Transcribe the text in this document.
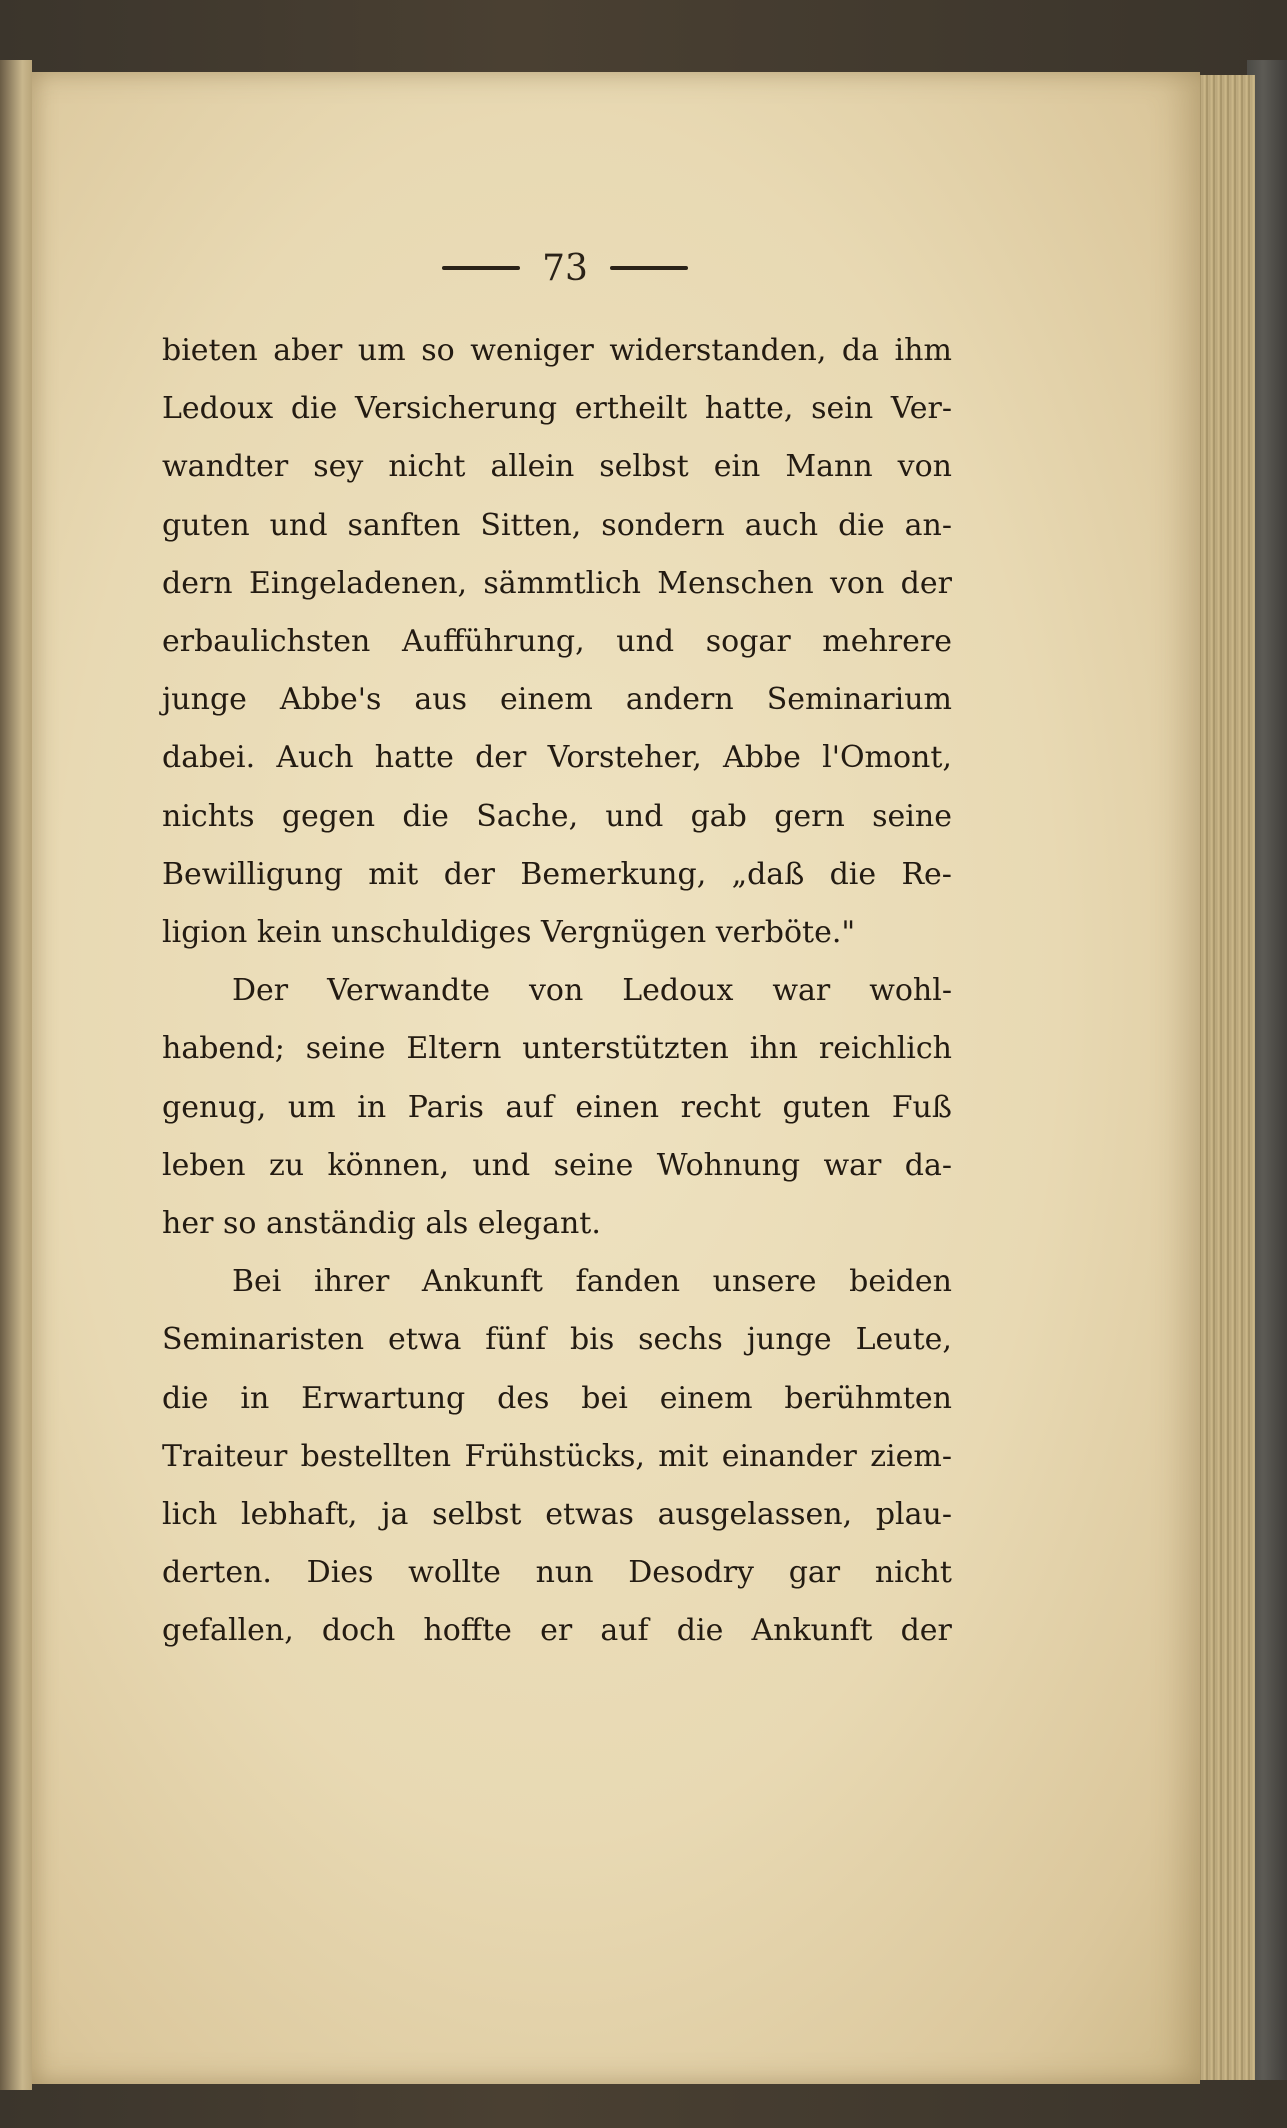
73
bieten aber um so weniger widerstanden, da ihm
Ledoux die Versicherung ertheilt hatte, sein Ver-
wandter sey nicht allein selbst ein Mann von
guten und sanften Sitten, sondern auch die an-
dern Eingeladenen, sämmtlich Menschen von der
erbaulichsten Aufführung, und sogar mehrere
junge Abbe's aus einem andern Seminarium
dabei. Auch hatte der Vorsteher, Abbe l'Omont,
nichts gegen die Sache, und gab gern seine
Bewilligung mit der Bemerkung, „daß die Re-
ligion kein unschuldiges Vergnügen verböte."
Der Verwandte von Ledoux war wohl-
habend; seine Eltern unterstützten ihn reichlich
genug, um in Paris auf einen recht guten Fuß
leben zu können, und seine Wohnung war da-
her so anständig als elegant.
Bei ihrer Ankunft fanden unsere beiden
Seminaristen etwa fünf bis sechs junge Leute,
die in Erwartung des bei einem berühmten
Traiteur bestellten Frühstücks, mit einander ziem-
lich lebhaft, ja selbst etwas ausgelassen, plau-
derten. Dies wollte nun Desodry gar nicht
gefallen, doch hoffte er auf die Ankunft der
